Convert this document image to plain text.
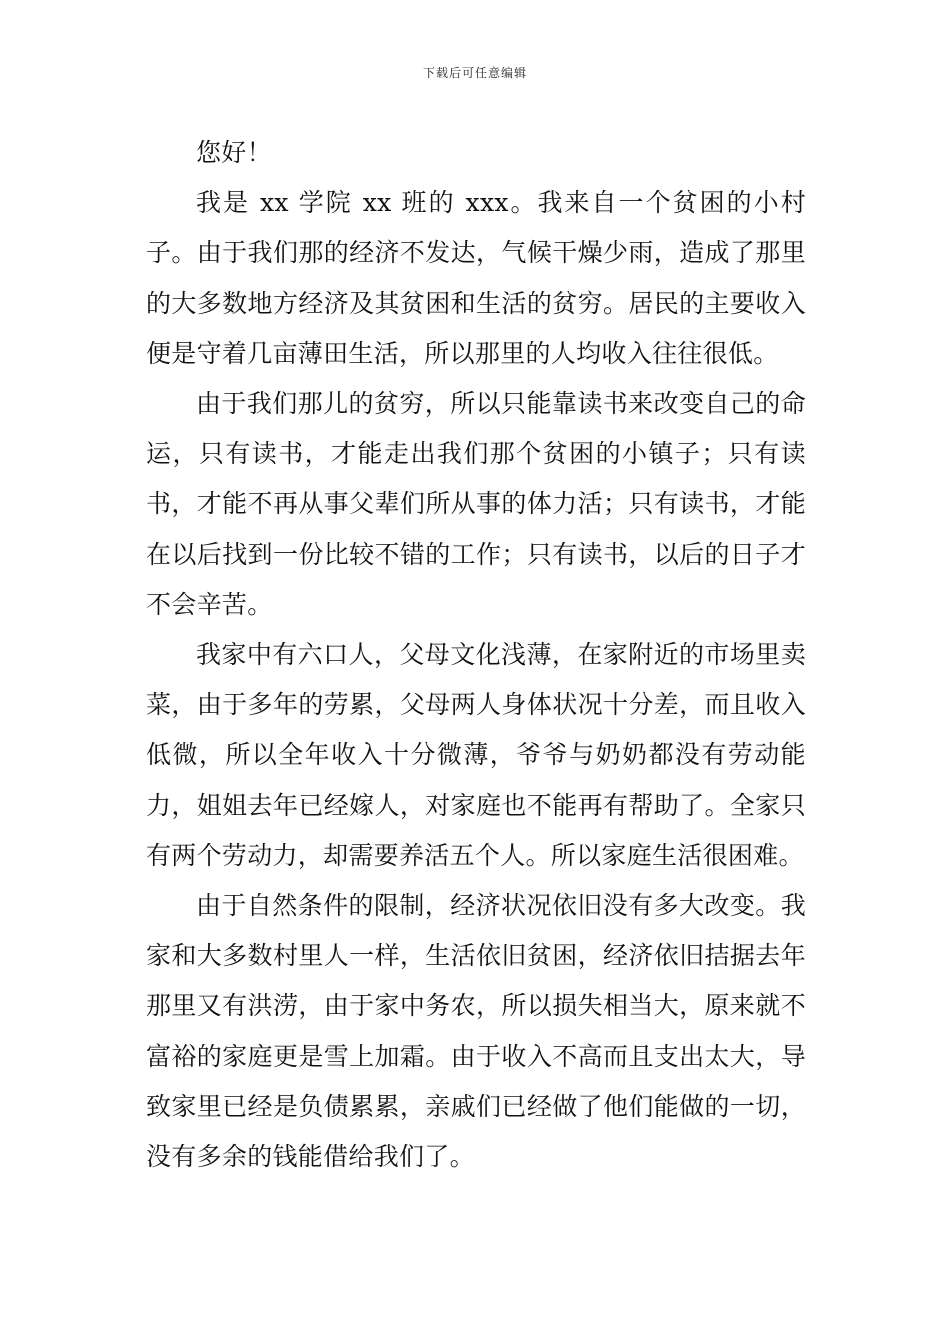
下载后可任意编辑

您好！

我是 xx 学院 xx 班的 xxx。我来自一个贫困的小村子。由于我们那的经济不发达，气候干燥少雨，造成了那里的大多数地方经济及其贫困和生活的贫穷。居民的主要收入便是守着几亩薄田生活，所以那里的人均收入往往很低。

由于我们那儿的贫穷，所以只能靠读书来改变自己的命运，只有读书，才能走出我们那个贫困的小镇子；只有读书，才能不再从事父辈们所从事的体力活；只有读书，才能在以后找到一份比较不错的工作；只有读书，以后的日子才不会辛苦。

我家中有六口人，父母文化浅薄，在家附近的市场里卖菜，由于多年的劳累，父母两人身体状况十分差，而且收入低微，所以全年收入十分微薄，爷爷与奶奶都没有劳动能力，姐姐去年已经嫁人，对家庭也不能再有帮助了。全家只有两个劳动力，却需要养活五个人。所以家庭生活很困难。

由于自然条件的限制，经济状况依旧没有多大改变。我家和大多数村里人一样，生活依旧贫困，经济依旧拮据去年那里又有洪涝，由于家中务农，所以损失相当大，原来就不富裕的家庭更是雪上加霜。由于收入不高而且支出太大，导致家里已经是负债累累，亲戚们已经做了他们能做的一切，没有多余的钱能借给我们了。
